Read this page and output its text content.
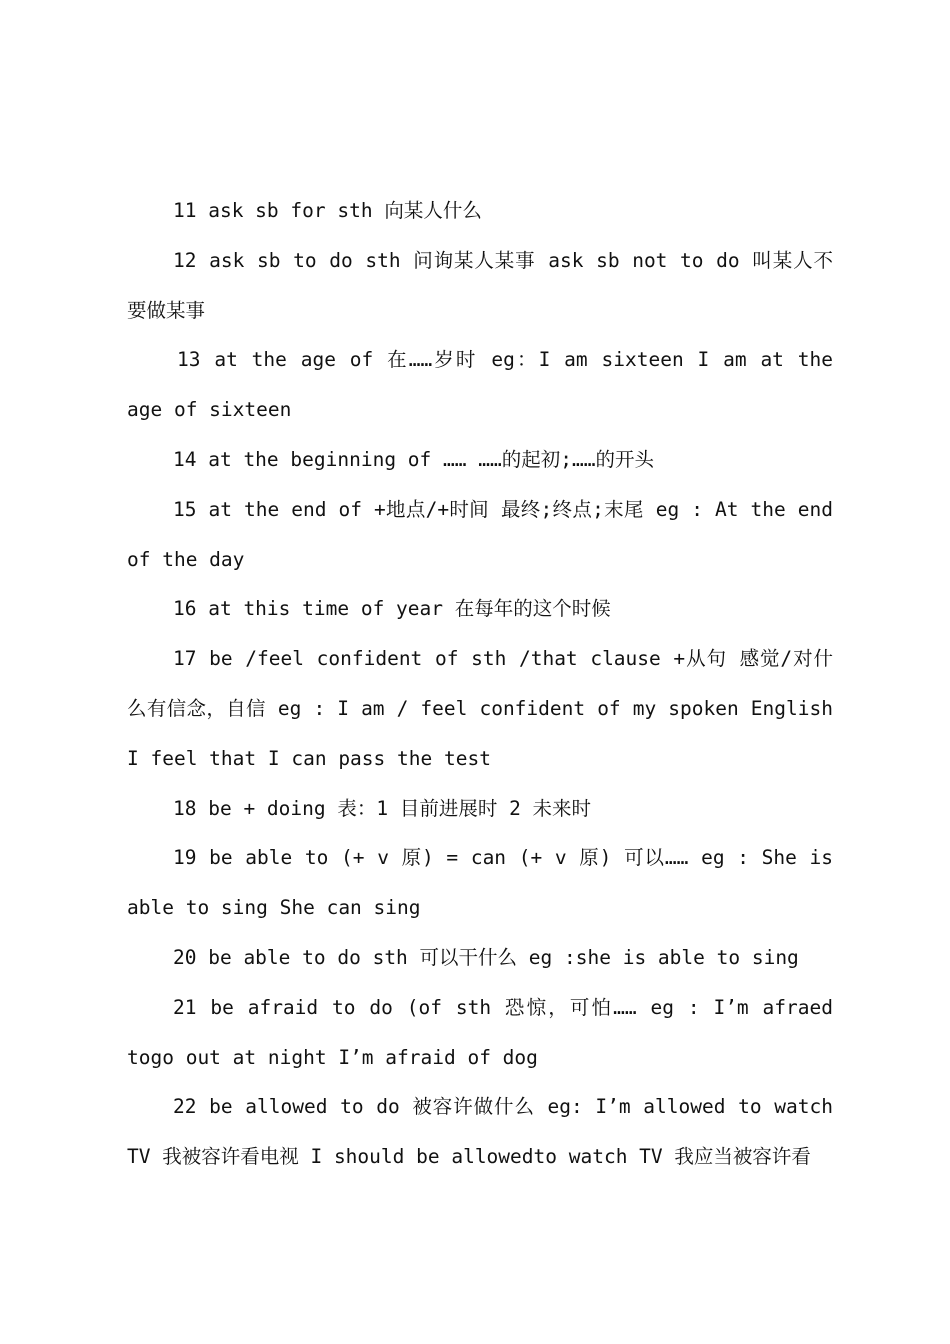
11 ask sb for sth 向某人什么

12 ask sb to do sth 问询某人某事 ask sb not to do 叫某人不要做某事

13 at the age of 在……岁时 eg：I am sixteen I am at the age of sixteen

14 at the beginning of …… ……的起初;……的开头

15 at the end of +地点/+时间 最终;终点;末尾 eg : At the end of the day

16 at this time of year 在每年的这个时候

17 be /feel confident of sth /that clause +从句 感觉/对什么有信念，自信 eg : I am / feel confident of my spoken English I feel that I can pass the test

18 be + doing 表：1 目前进展时 2 未来时

19 be able to (+ v 原) = can (+ v 原) 可以…… eg : She is able to sing She can sing

20 be able to do sth 可以干什么 eg :she is able to sing

21 be afraid to do (of sth 恐惊，可怕…… eg : I’m afraed togo out at night I’m afraid of dog

22 be allowed to do 被容许做什么 eg: I’m allowed to watch TV 我被容许看电视 I should be allowedto watch TV 我应当被容许看
